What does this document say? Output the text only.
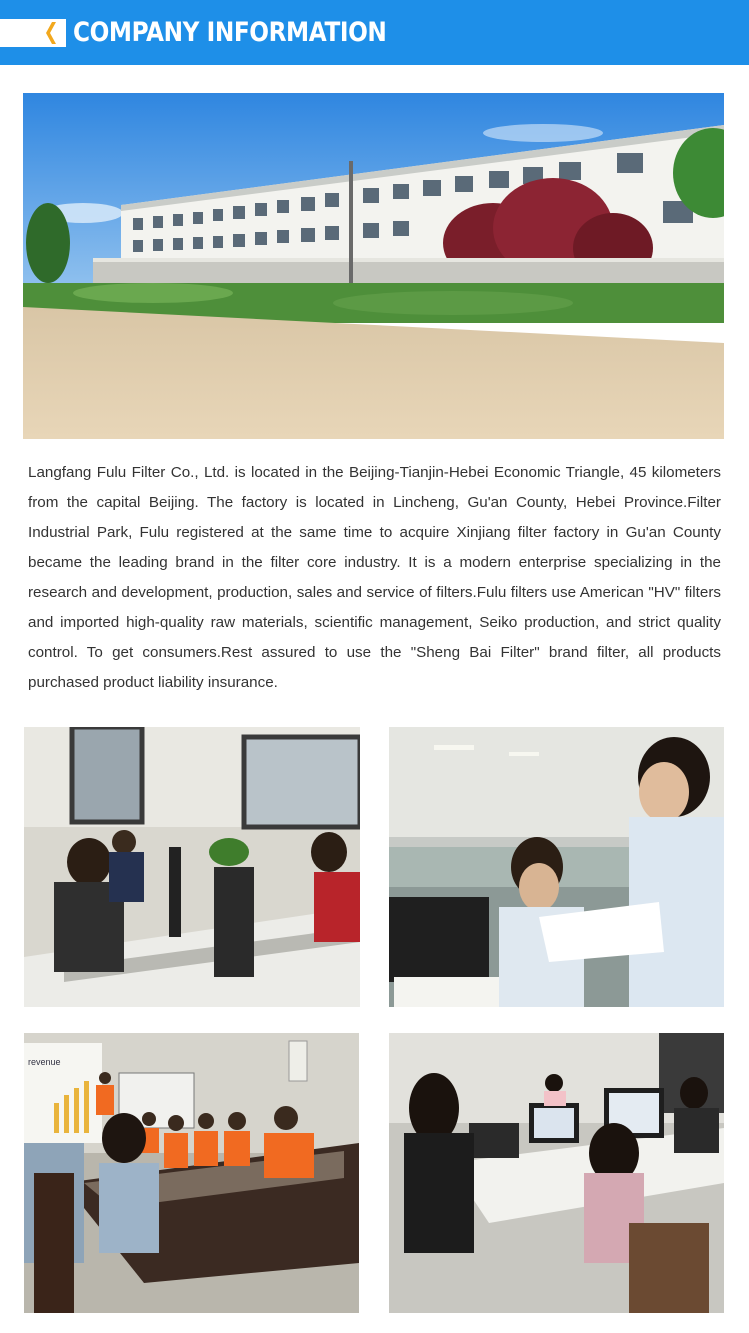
COMPANY INFORMATION

Langfang Fulu Filter Co., Ltd. is located in the Beijing-Tianjin-Hebei Economic Triangle, 45 kilometers from the capital Beijing. The factory is located in Lincheng, Gu'an County, Hebei Province.Filter Industrial Park, Fulu registered at the same time to acquire Xinjiang filter factory in Gu'an County became the leading brand in the filter core industry. It is a modern enterprise specializing in the research and development, production, sales and service of filters.Fulu filters use American "HV" filters and imported high-quality raw materials, scientific management, Seiko production, and strict quality control. To get consumers.Rest assured to use the "Sheng Bai Filter" brand filter, all products purchased product liability insurance.

revenue
